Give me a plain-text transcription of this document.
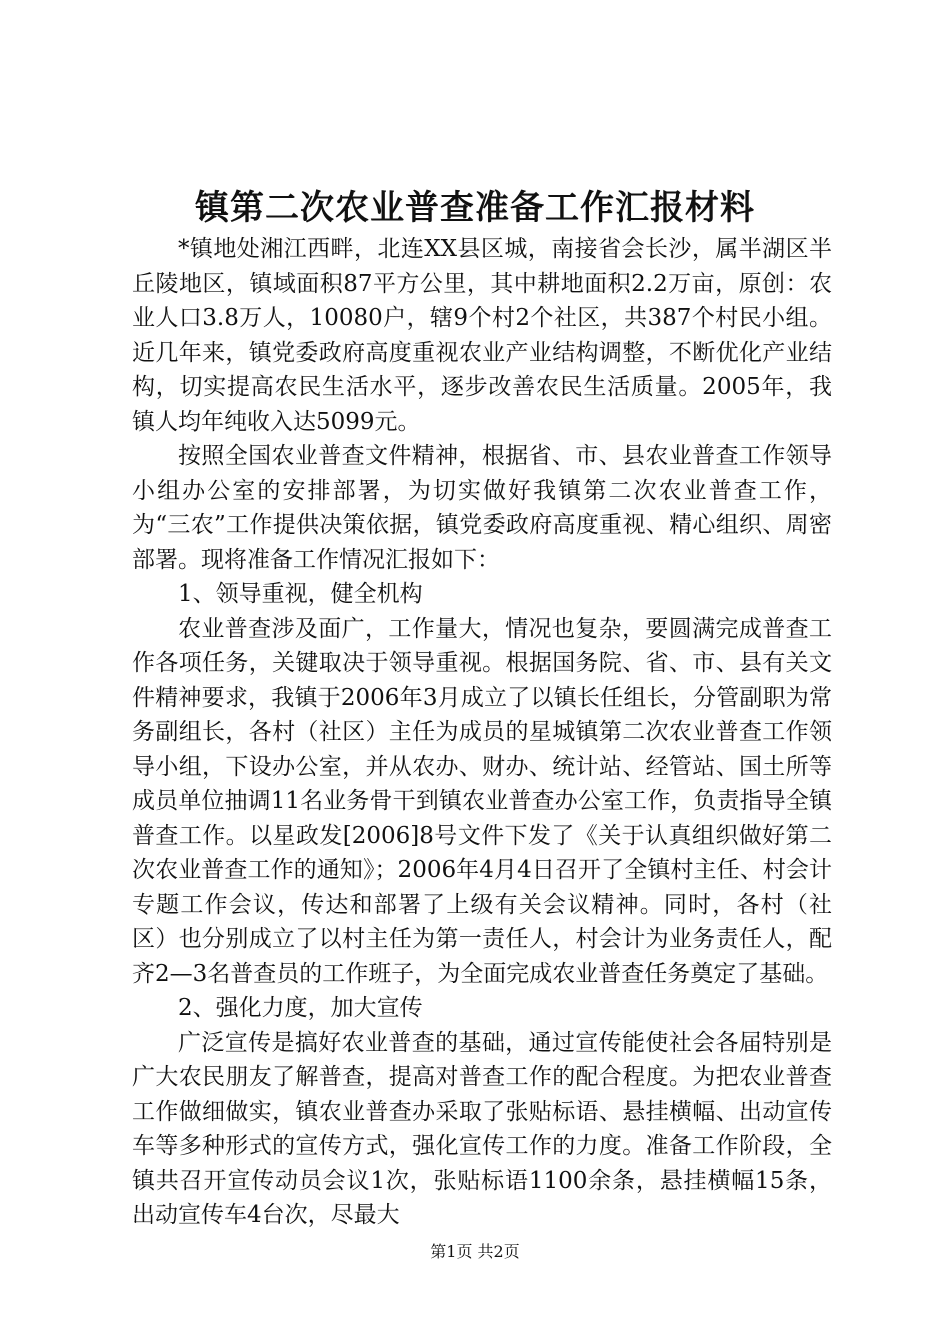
镇第二次农业普查准备工作汇报材料

*镇地处湘江西畔，北连XX县区城，南接省会长沙，属半湖区半丘陵地区，镇域面积87平方公里，其中耕地面积2.2万亩，原创：农业人口3.8万人，10080户，辖9个村2个社区，共387个村民小组。近几年来，镇党委政府高度重视农业产业结构调整，不断优化产业结构，切实提高农民生活水平，逐步改善农民生活质量。2005年，我镇人均年纯收入达5099元。

按照全国农业普查文件精神，根据省、市、县农业普查工作领导小组办公室的安排部署，为切实做好我镇第二次农业普查工作，为“三农”工作提供决策依据，镇党委政府高度重视、精心组织、周密部署。现将准备工作情况汇报如下：

1、领导重视，健全机构

农业普查涉及面广，工作量大，情况也复杂，要圆满完成普查工作各项任务，关键取决于领导重视。根据国务院、省、市、县有关文件精神要求，我镇于2006年3月成立了以镇长任组长，分管副职为常务副组长，各村（社区）主任为成员的星城镇第二次农业普查工作领导小组，下设办公室，并从农办、财办、统计站、经管站、国土所等成员单位抽调11名业务骨干到镇农业普查办公室工作，负责指导全镇普查工作。以星政发[2006]8号文件下发了《关于认真组织做好第二次农业普查工作的通知》；2006年4月4日召开了全镇村主任、村会计专题工作会议，传达和部署了上级有关会议精神。同时，各村（社区）也分别成立了以村主任为第一责任人，村会计为业务责任人，配齐2—3名普查员的工作班子，为全面完成农业普查任务奠定了基础。

2、强化力度，加大宣传

广泛宣传是搞好农业普查的基础，通过宣传能使社会各届特别是广大农民朋友了解普查，提高对普查工作的配合程度。为把农业普查工作做细做实，镇农业普查办采取了张贴标语、悬挂横幅、出动宣传车等多种形式的宣传方式，强化宣传工作的力度。准备工作阶段，全镇共召开宣传动员会议1次，张贴标语1100余条，悬挂横幅15条，出动宣传车4台次，尽最大

第1页 共2页
